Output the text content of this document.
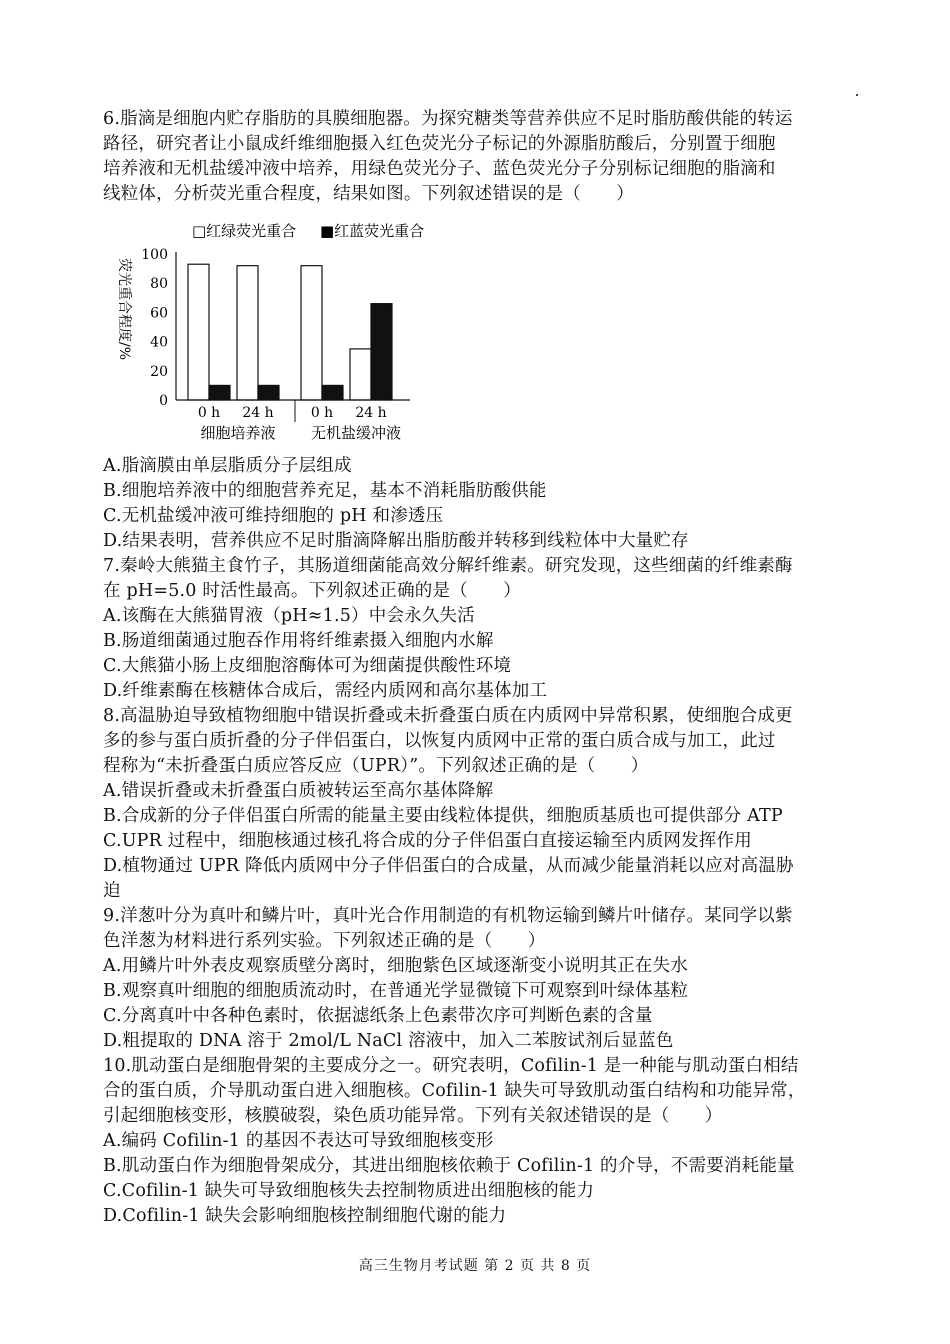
6.脂滴是细胞内贮存脂肪的具膜细胞器。为探究糖类等营养供应不足时脂肪酸供能的转运
路径，研究者让小鼠成纤维细胞摄入红色荧光分子标记的外源脂肪酸后，分别置于细胞
培养液和无机盐缓冲液中培养，用绿色荧光分子、蓝色荧光分子分别标记细胞的脂滴和
线粒体，分析荧光重合程度，结果如图。下列叙述错误的是（　　）
□红绿荧光重合 ■红蓝荧光重合
荧光重合程度/%
0
20
40
60
80
100
0 h 24 h	0 h 24 h
细胞培养液 无机盐缓冲液
A.脂滴膜由单层脂质分子层组成
B.细胞培养液中的细胞营养充足，基本不消耗脂肪酸供能
C.无机盐缓冲液可维持细胞的 pH 和渗透压
D.结果表明，营养供应不足时脂滴降解出脂肪酸并转移到线粒体中大量贮存
7.秦岭大熊猫主食竹子，其肠道细菌能高效分解纤维素。研究发现，这些细菌的纤维素酶
在 pH=5.0 时活性最高。下列叙述正确的是（　　）
A.该酶在大熊猫胃液（pH≈1.5）中会永久失活
B.肠道细菌通过胞吞作用将纤维素摄入细胞内水解
C.大熊猫小肠上皮细胞溶酶体可为细菌提供酸性环境
D.纤维素酶在核糖体合成后，需经内质网和高尔基体加工
8.高温胁迫导致植物细胞中错误折叠或未折叠蛋白质在内质网中异常积累，使细胞合成更
多的参与蛋白质折叠的分子伴侣蛋白，以恢复内质网中正常的蛋白质合成与加工，此过
程称为“未折叠蛋白质应答反应（UPR）”。下列叙述正确的是（　　）
A.错误折叠或未折叠蛋白质被转运至高尔基体降解
B.合成新的分子伴侣蛋白所需的能量主要由线粒体提供，细胞质基质也可提供部分 ATP
C.UPR 过程中，细胞核通过核孔将合成的分子伴侣蛋白直接运输至内质网发挥作用
D.植物通过 UPR 降低内质网中分子伴侣蛋白的合成量，从而减少能量消耗以应对高温胁
迫
9.洋葱叶分为真叶和鳞片叶，真叶光合作用制造的有机物运输到鳞片叶储存。某同学以紫
色洋葱为材料进行系列实验。下列叙述正确的是（　　）
A.用鳞片叶外表皮观察质壁分离时，细胞紫色区域逐渐变小说明其正在失水
B.观察真叶细胞的细胞质流动时，在普通光学显微镜下可观察到叶绿体基粒
C.分离真叶中各种色素时，依据滤纸条上色素带次序可判断色素的含量
D.粗提取的 DNA 溶于 2mol/L NaCl 溶液中，加入二苯胺试剂后显蓝色
10.肌动蛋白是细胞骨架的主要成分之一。研究表明，Cofilin-1 是一种能与肌动蛋白相结
合的蛋白质，介导肌动蛋白进入细胞核。Cofilin-1 缺失可导致肌动蛋白结构和功能异常，
引起细胞核变形，核膜破裂，染色质功能异常。下列有关叙述错误的是（　　）
A.编码 Cofilin-1 的基因不表达可导致细胞核变形
B.肌动蛋白作为细胞骨架成分，其进出细胞核依赖于 Cofilin-1 的介导，不需要消耗能量
C.Cofilin-1 缺失可导致细胞核失去控制物质进出细胞核的能力
D.Cofilin-1 缺失会影响细胞核控制细胞代谢的能力
高三生物月考试题 第 2 页 共 8 页
